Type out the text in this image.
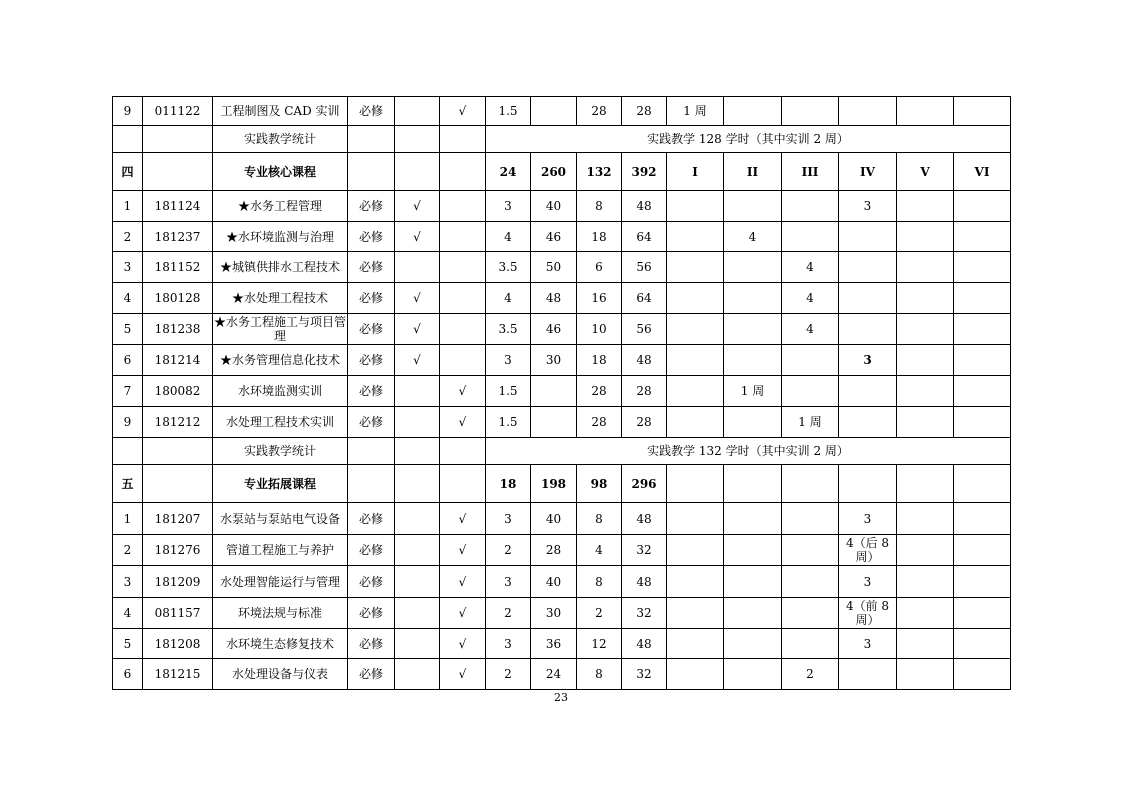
9	011122	工程制图及 CAD 实训	必修		√	1.5		28	28	1 周					
		实践教学统计				实践教学 128 学时（其中实训 2 周）									
四		专业核心课程				24	260	132	392	I	II	III	IV	V	VI
1	181124	★水务工程管理	必修	√		3	40	8	48				3		
2	181237	★水环境监测与治理	必修	√		4	46	18	64		4				
3	181152	★城镇供排水工程技术	必修			3.5	50	6	56			4			
4	180128	★水处理工程技术	必修	√		4	48	16	64			4			
5	181238	★水务工程施工与项目管理	必修	√		3.5	46	10	56			4			
6	181214	★水务管理信息化技术	必修	√		3	30	18	48				3		
7	180082	水环境监测实训	必修		√	1.5		28	28		1 周				
9	181212	水处理工程技术实训	必修		√	1.5		28	28			1 周			
		实践教学统计				实践教学 132 学时（其中实训 2 周）									
五		专业拓展课程				18	198	98	296						
1	181207	水泵站与泵站电气设备	必修		√	3	40	8	48				3		
2	181276	管道工程施工与养护	必修		√	2	28	4	32				4（后 8 周）		
3	181209	水处理智能运行与管理	必修		√	3	40	8	48				3		
4	081157	环境法规与标准	必修		√	2	30	2	32				4（前 8 周）		
5	181208	水环境生态修复技术	必修		√	3	36	12	48				3		
6	181215	水处理设备与仪表	必修		√	2	24	8	32			2			
23
